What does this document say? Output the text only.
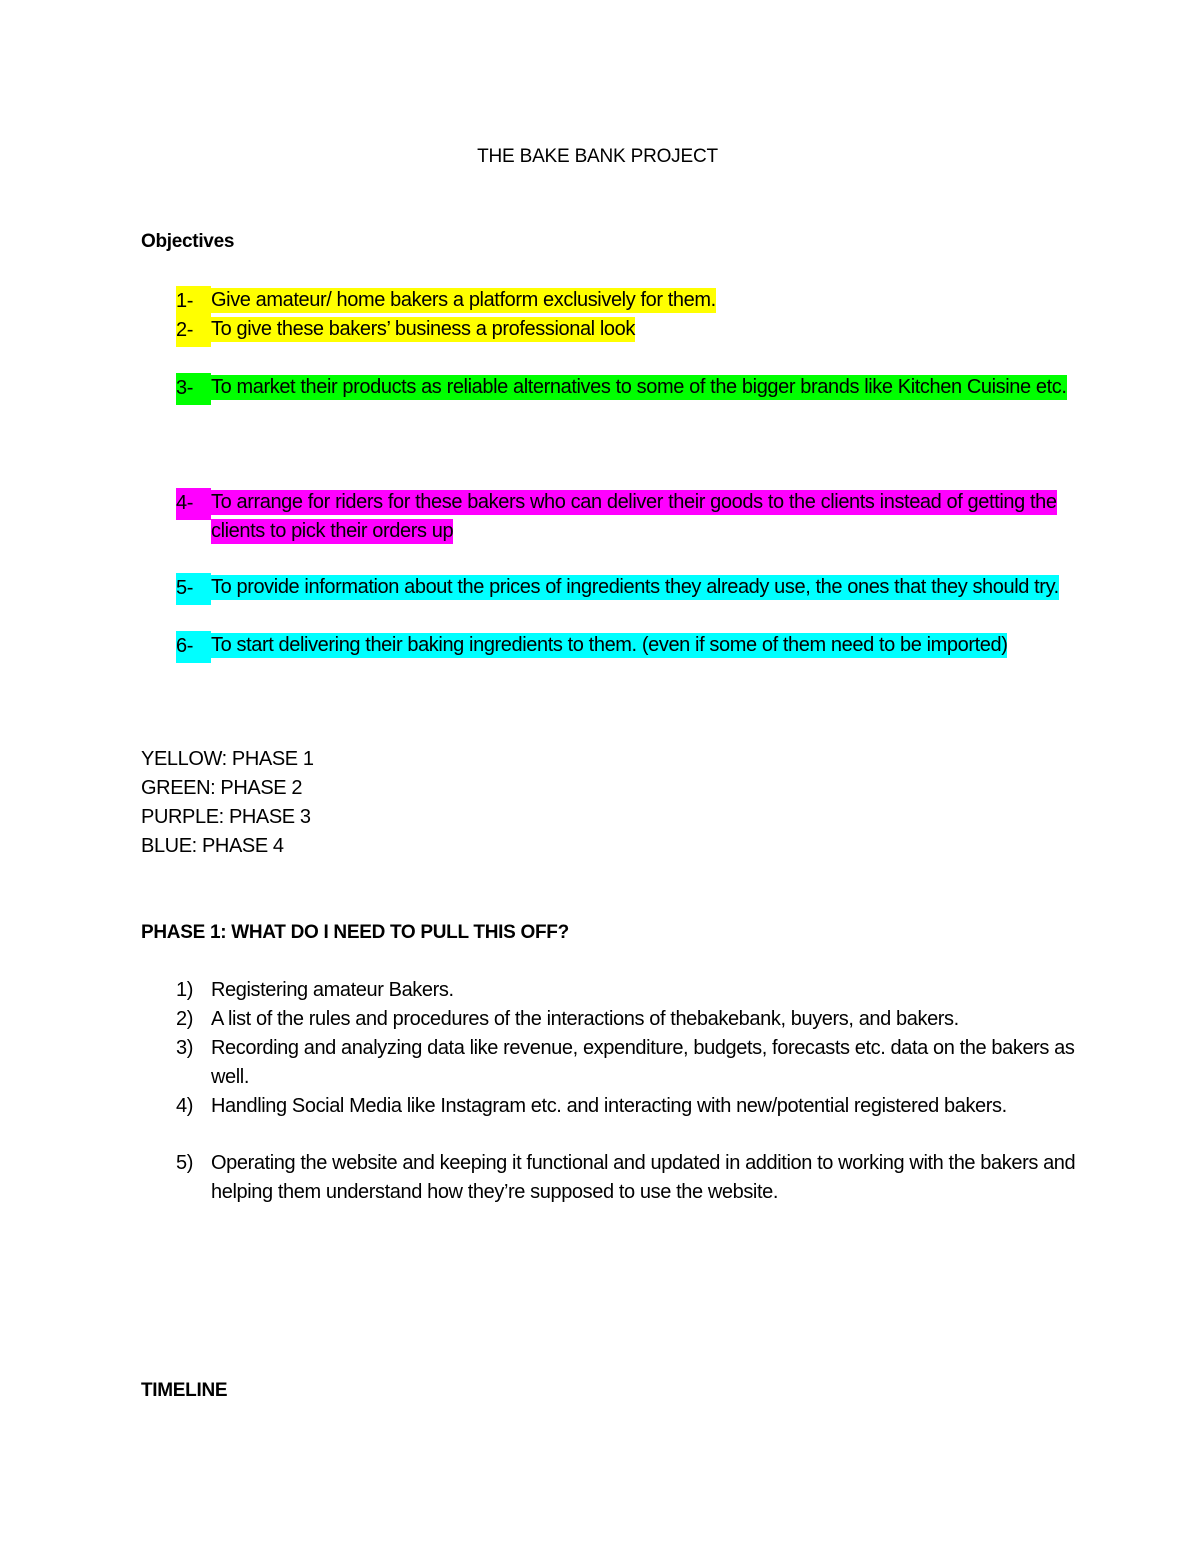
THE BAKE BANK PROJECT
Objectives
1- Give amateur/ home bakers a platform exclusively for them.
2- To give these bakers’ business a professional look
3- To market their products as reliable alternatives to some of the bigger brands like Kitchen Cuisine etc.
4- To arrange for riders for these bakers who can deliver their goods to the clients instead of getting the clients to pick their orders up
5- To provide information about the prices of ingredients they already use, the ones that they should try.
6- To start delivering their baking ingredients to them. (even if some of them need to be imported)
YELLOW: PHASE 1
GREEN: PHASE 2
PURPLE: PHASE 3
BLUE: PHASE 4
PHASE 1: WHAT DO I NEED TO PULL THIS OFF?
1) Registering amateur Bakers.
2) A list of the rules and procedures of the interactions of thebakebank, buyers, and bakers.
3) Recording and analyzing data like revenue, expenditure, budgets, forecasts etc. data on the bakers as well.
4) Handling Social Media like Instagram etc. and interacting with new/potential registered bakers.
5) Operating the website and keeping it functional and updated in addition to working with the bakers and helping them understand how they’re supposed to use the website.
TIMELINE
